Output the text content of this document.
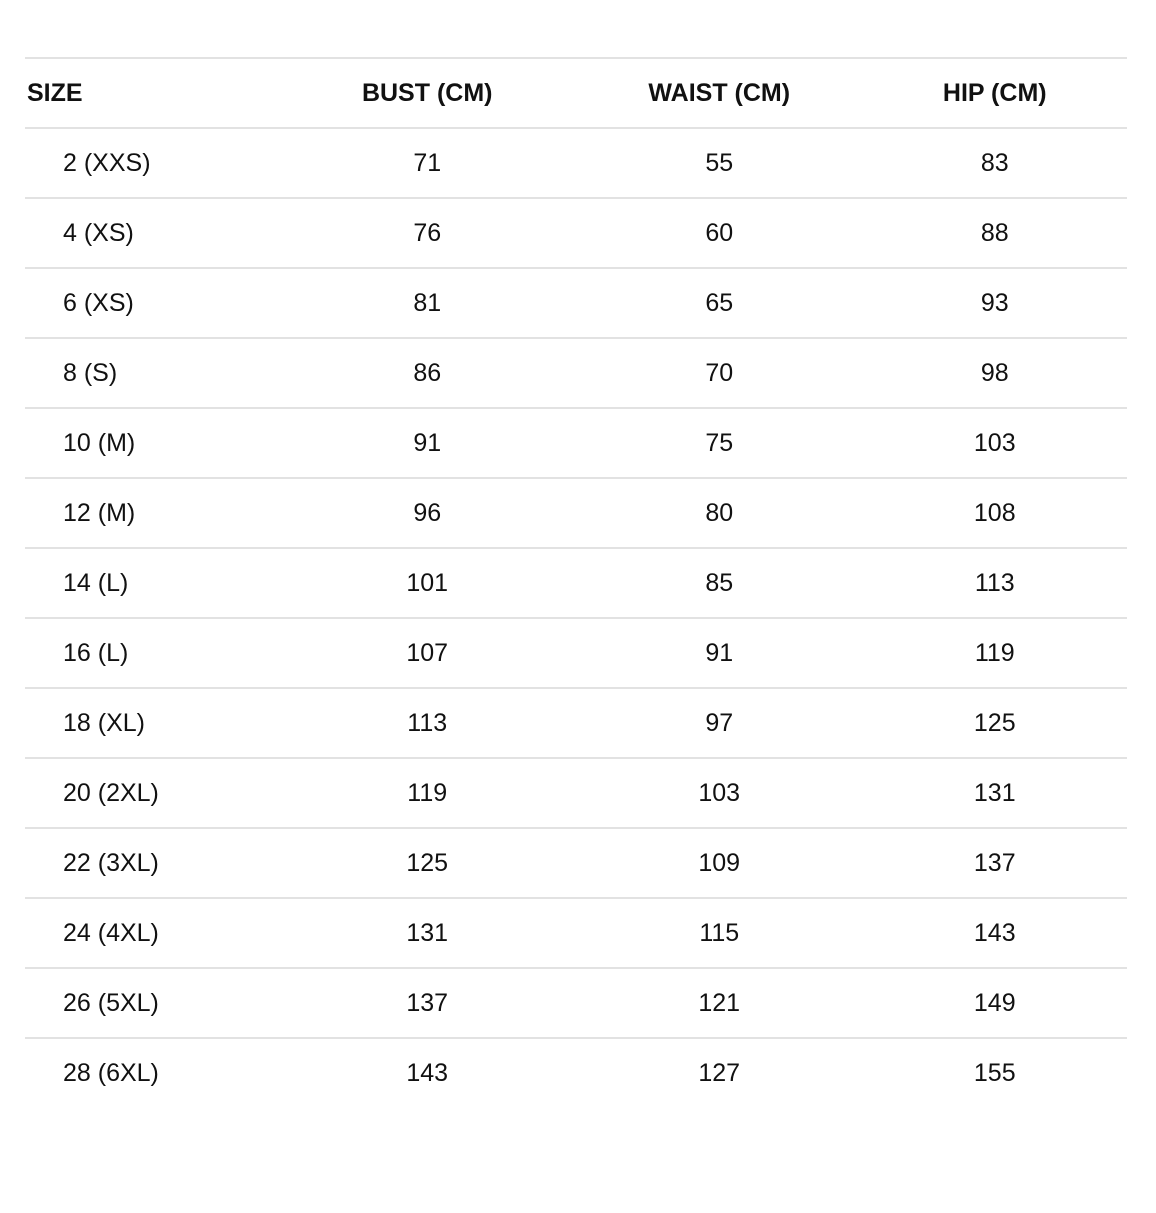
SIZE	BUST (CM)	WAIST (CM)	HIP (CM)
2 (XXS)	71	55	83
4 (XS)	76	60	88
6 (XS)	81	65	93
8 (S)	86	70	98
10 (M)	91	75	103
12 (M)	96	80	108
14 (L)	101	85	113
16 (L)	107	91	119
18 (XL)	113	97	125
20 (2XL)	119	103	131
22 (3XL)	125	109	137
24 (4XL)	131	115	143
26 (5XL)	137	121	149
28 (6XL)	143	127	155
